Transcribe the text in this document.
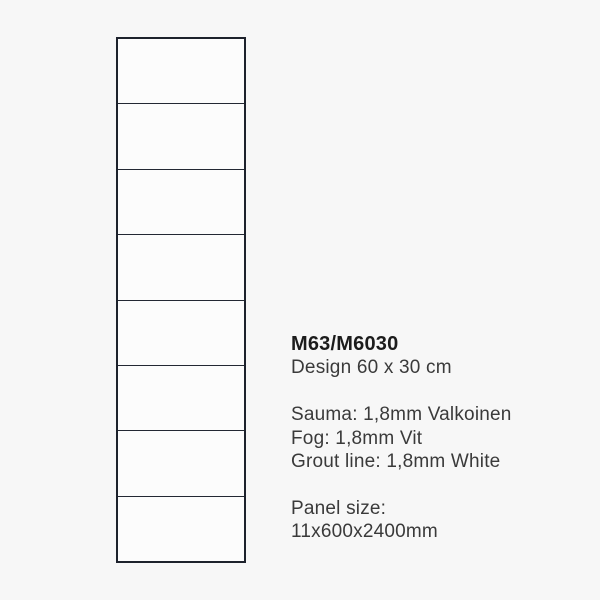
M63/M6030
Design 60 x 30 cm
Sauma: 1,8mm Valkoinen
Fog: 1,8mm Vit
Grout line: 1,8mm White
Panel size:
11x600x2400mm
